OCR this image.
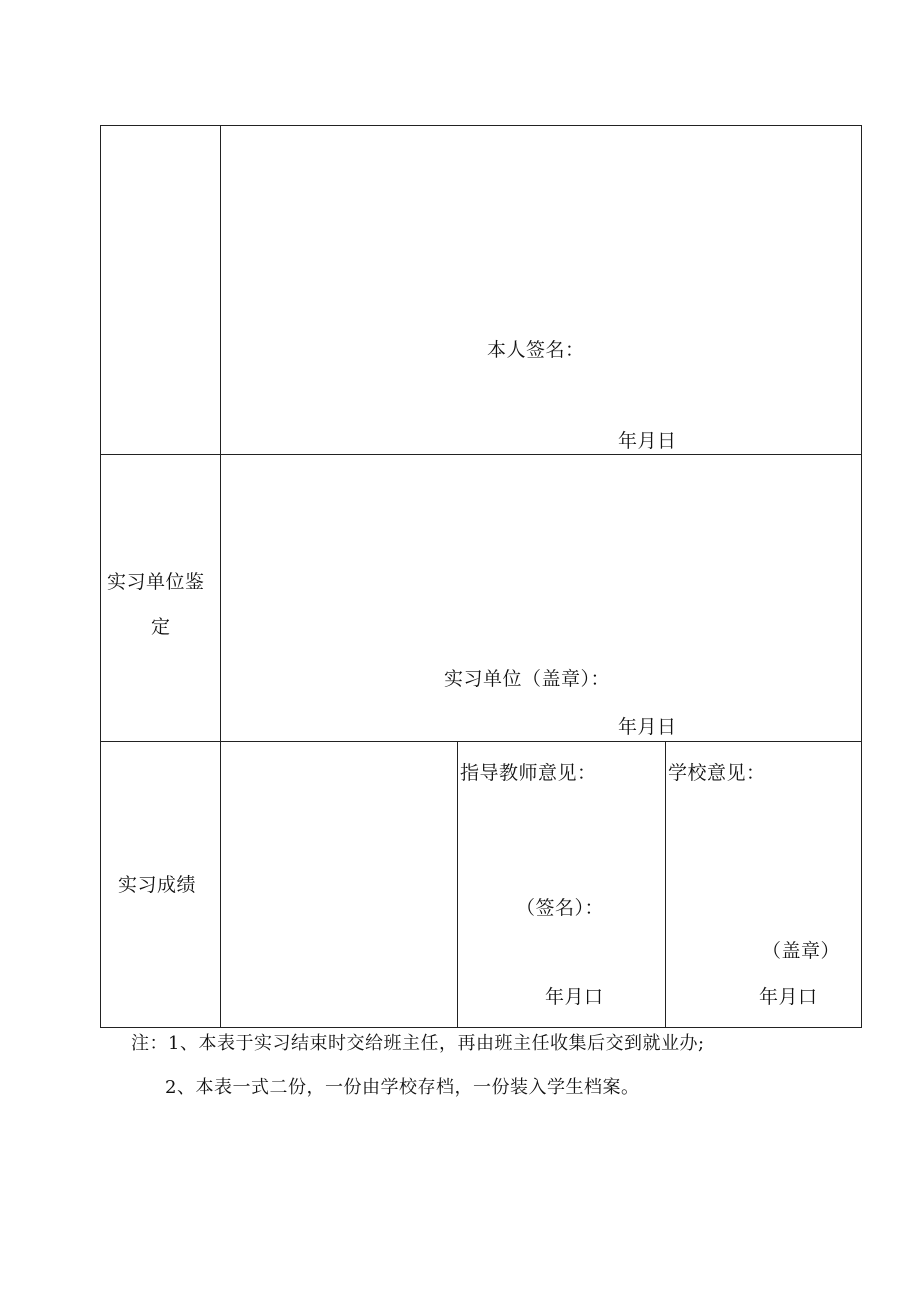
本人签名：
年月日
实习单位鉴
定
实习单位（盖章）：
年月日
实习成绩
指导教师意见：
（签名）：
年月口
学校意见：
（盖章）
年月口
注：1、本表于实习结束时交给班主任，再由班主任收集后交到就业办;
2、本表一式二份，一份由学校存档，一份装入学生档案。
